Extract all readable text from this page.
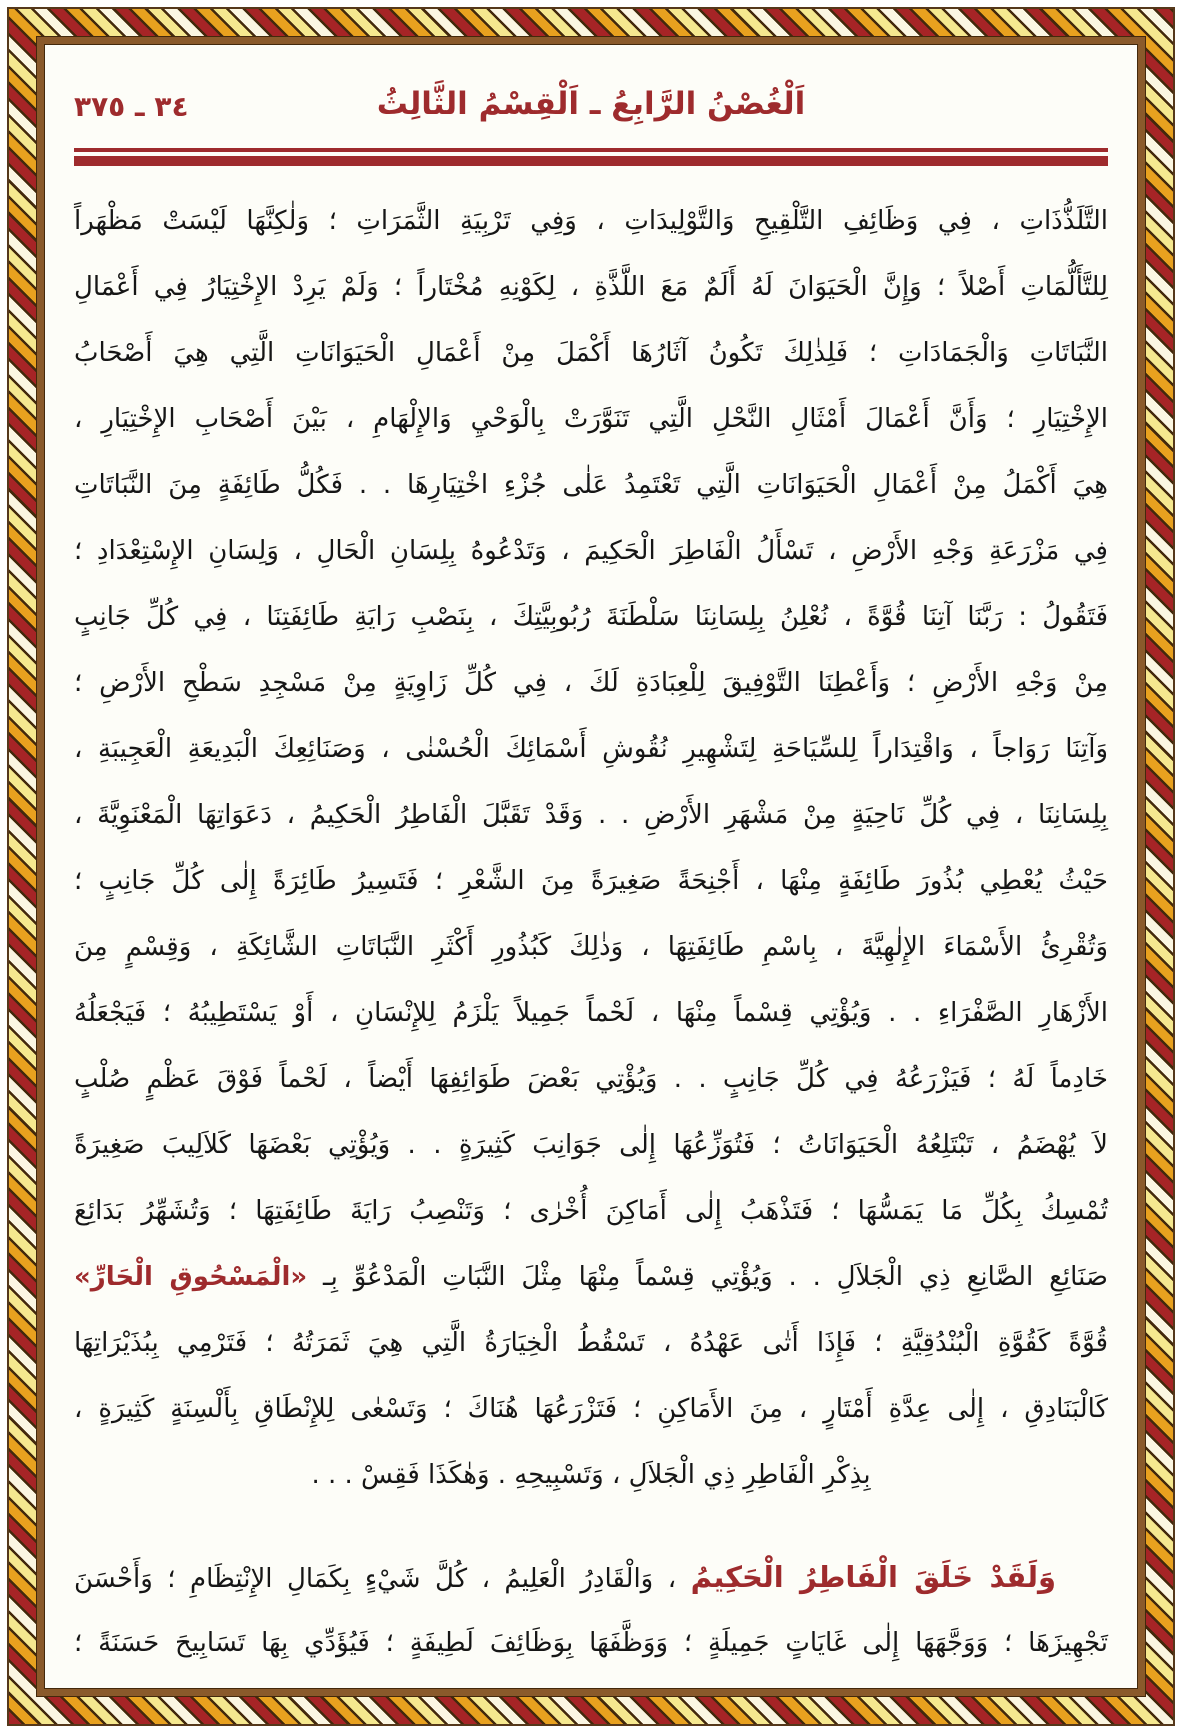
٣٤ ـ ٣٧٥	اَلْغُصْنُ الرَّابِعُ ـ اَلْقِسْمُ الثَّالِثُ
التَّلَذُّذَاتِ ، فِي وَظَائِفِ التَّلْقِيحِ وَالتَّوْلِيدَاتِ ، وَفِي تَرْبِيَةِ الثَّمَرَاتِ ؛ وَلٰكِنَّهَا لَيْسَتْ مَظْهَراً
لِلتَّأَلُّمَاتِ أَصْلاً ؛ وَإِنَّ الْحَيَوَانَ لَهُ أَلَمٌ مَعَ اللَّذَّةِ ، لِكَوْنِهِ مُخْتَاراً ؛ وَلَمْ يَرِدْ الإِخْتِيَارُ فِي أَعْمَالِ
النَّبَاتَاتِ وَالْجَمَادَاتِ ؛ فَلِذٰلِكَ تَكُونُ آثَارُهَا أَكْمَلَ مِنْ أَعْمَالِ الْحَيَوَانَاتِ الَّتِي هِيَ أَصْحَابُ
الإِخْتِيَارِ ؛ وَأَنَّ أَعْمَالَ أَمْثَالِ النَّحْلِ الَّتِي تَنَوَّرَتْ بِالْوَحْيِ وَالإِلْهَامِ ، بَيْنَ أَصْحَابِ الإِخْتِيَارِ ،
هِيَ أَكْمَلُ مِنْ أَعْمَالِ الْحَيَوَانَاتِ الَّتِي تَعْتَمِدُ عَلٰى جُزْءِ اخْتِيَارِهَا . . فَكُلُّ طَائِفَةٍ مِنَ النَّبَاتَاتِ
فِي مَزْرَعَةِ وَجْهِ الأَرْضِ ، تَسْأَلُ الْفَاطِرَ الْحَكِيمَ ، وَتَدْعُوهُ بِلِسَانِ الْحَالِ ، وَلِسَانِ الإِسْتِعْدَادِ ؛
فَتَقُولُ : رَبَّنَا آتِنَا قُوَّةً ، نُعْلِنُ بِلِسَانِنَا سَلْطَنَةَ رُبُوبِيَّتِكَ ، بِنَصْبِ رَايَةِ طَائِفَتِنَا ، فِي كُلِّ جَانِبٍ
مِنْ وَجْهِ الأَرْضِ ؛ وَأَعْطِنَا التَّوْفِيقَ لِلْعِبَادَةِ لَكَ ، فِي كُلِّ زَاوِيَةٍ مِنْ مَسْجِدِ سَطْحِ الأَرْضِ ؛
وَآتِنَا رَوَاجاً ، وَاقْتِدَاراً لِلسِّيَاحَةِ لِتَشْهِيرِ نُقُوشِ أَسْمَائِكَ الْحُسْنٰى ، وَصَنَائِعِكَ الْبَدِيعَةِ الْعَجِيبَةِ ،
بِلِسَانِنَا ، فِي كُلِّ نَاحِيَةٍ مِنْ مَشْهَرِ الأَرْضِ . . وَقَدْ تَقَبَّلَ الْفَاطِرُ الْحَكِيمُ ، دَعَوَاتِهَا الْمَعْنَوِيَّةَ ،
حَيْثُ يُعْطِي بُذُورَ طَائِفَةٍ مِنْهَا ، أَجْنِحَةً صَغِيرَةً مِنَ الشَّعْرِ ؛ فَتَسِيرُ طَائِرَةً إِلٰى كُلِّ جَانِبٍ ؛
وَتُقْرِئُ الأَسْمَاءَ الإِلٰهِيَّةَ ، بِاسْمِ طَائِفَتِهَا ، وَذٰلِكَ كَبُذُورِ أَكْثَرِ النَّبَاتَاتِ الشَّائِكَةِ ، وَقِسْمٍ مِنَ
الأَزْهَارِ الصَّفْرَاءِ . . وَيُؤْتِي قِسْماً مِنْهَا ، لَحْماً جَمِيلاً يَلْزَمُ لِلإِنْسَانِ ، أَوْ يَسْتَطِيبُهُ ؛ فَيَجْعَلُهُ
خَادِماً لَهُ ؛ فَيَزْرَعُهُ فِي كُلِّ جَانِبٍ . . وَيُؤْتِي بَعْضَ طَوَائِفِهَا أَيْضاً ، لَحْماً فَوْقَ عَظْمٍ صُلْبٍ
لاَ يُهْضَمُ ، تَبْتَلِعُهُ الْحَيَوَانَاتُ ؛ فَتُوَزِّعُهَا إِلٰى جَوَانِبَ كَثِيرَةٍ . . وَيُؤْتِي بَعْضَهَا كَلاَلِيبَ صَغِيرَةً
تُمْسِكُ بِكُلِّ مَا يَمَسُّهَا ؛ فَتَذْهَبُ إِلٰى أَمَاكِنَ أُخْرٰى ؛ وَتَنْصِبُ رَايَةَ طَائِفَتِهَا ؛ وَتُشَهِّرُ بَدَائِعَ
صَنَائِعِ الصَّانِعِ ذِي الْجَلاَلِ . . وَيُؤْتِي قِسْماً مِنْهَا مِثْلَ النَّبَاتِ الْمَدْعُوِّ بِـ «الْمَسْحُوقِ الْحَارِّ»
قُوَّةً كَقُوَّةِ الْبُنْدُقِيَّةِ ؛ فَإِذَا أَتٰى عَهْدُهُ ، تَسْقُطُ الْخِيَارَةُ الَّتِي هِيَ ثَمَرَتُهُ ؛ فَتَرْمِي بِبُذَيْرَاتِهَا
كَالْبَنَادِقِ ، إِلٰى عِدَّةِ أَمْتَارٍ ، مِنَ الأَمَاكِنِ ؛ فَتَزْرَعُهَا هُنَاكَ ؛ وَتَسْعٰى لِلإِنْطَاقِ بِأَلْسِنَةٍ كَثِيرَةٍ ،
بِذِكْرِ الْفَاطِرِ ذِي الْجَلاَلِ ، وَتَسْبِيحِهِ . وَهٰكَذَا فَقِسْ . . .
وَلَقَدْ خَلَقَ الْفَاطِرُ الْحَكِيمُ ، وَالْقَادِرُ الْعَلِيمُ ، كُلَّ شَيْءٍ بِكَمَالِ الإِنْتِظَامِ ؛ وَأَحْسَنَ
تَجْهِيزَهَا ؛ وَوَجَّهَهَا إِلٰى غَايَاتٍ جَمِيلَةٍ ؛ وَوَظَّفَهَا بِوَظَائِفَ لَطِيفَةٍ ؛ فَيُؤَدِّي بِهَا تَسَابِيحَ حَسَنَةً ؛
